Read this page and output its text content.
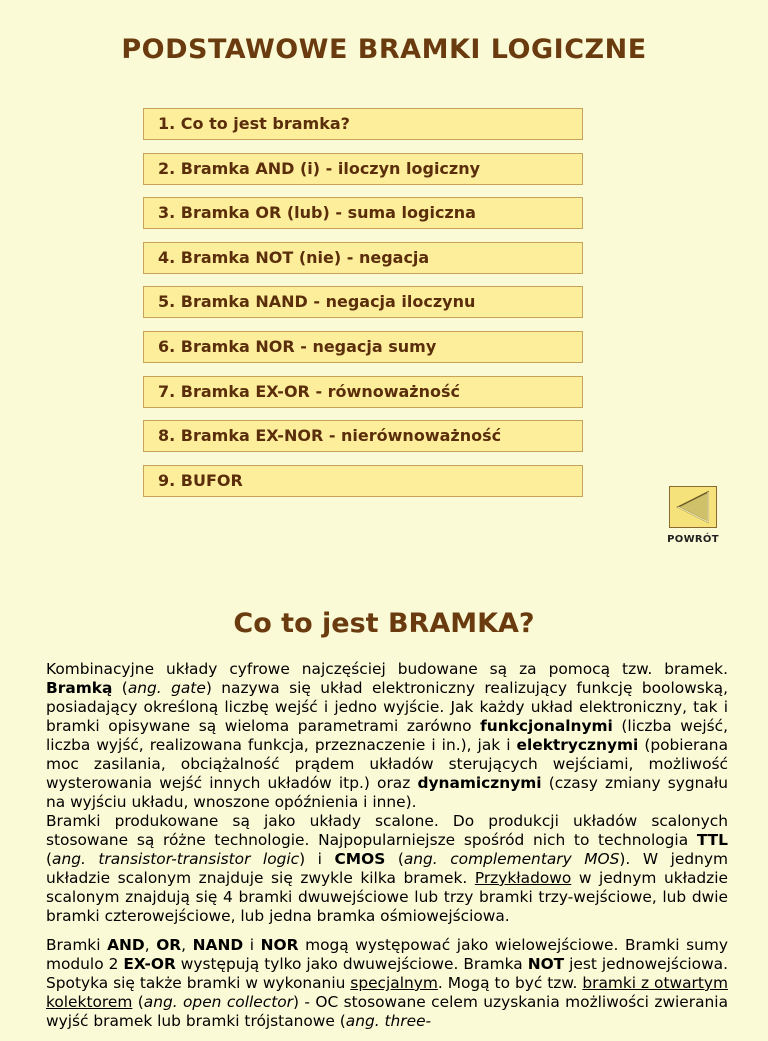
PODSTAWOWE BRAMKI LOGICZNE
1. Co to jest bramka?
2. Bramka AND (i) - iloczyn logiczny
3. Bramka OR (lub) - suma logiczna
4. Bramka NOT (nie) - negacja
5. Bramka NAND - negacja iloczynu
6. Bramka NOR - negacja sumy
7. Bramka EX-OR - równoważność
8. Bramka EX-NOR - nierównoważność
9. BUFOR
POWRÓT
Co to jest BRAMKA?

Kombinacyjne układy cyfrowe najczęściej budowane są za pomocą tzw. bramek. Bramką (ang. gate) nazywa się układ elektroniczny realizujący funkcję boolowską, posiadający określoną liczbę wejść i jedno wyjście. Jak każdy układ elektroniczny, tak i bramki opisywane są wieloma parametrami zarówno funkcjonalnymi (liczba wejść, liczba wyjść, realizowana funkcja, przeznaczenie i in.), jak i elektrycznymi (pobierana moc zasilania, obciążalność prądem układów sterujących wejściami, możliwość wysterowania wejść innych układów itp.) oraz dynamicznymi (czasy zmiany sygnału na wyjściu układu, wnoszone opóźnienia i inne).
Bramki produkowane są jako układy scalone. Do produkcji układów scalonych stosowane są różne technologie. Najpopularniejsze spośród nich to technologia TTL (ang. transistor-transistor logic) i CMOS (ang. complementary MOS). W jednym układzie scalonym znajduje się zwykle kilka bramek. Przykładowo w jednym układzie scalonym znajdują się 4 bramki dwuwejściowe lub trzy bramki trzy-wejściowe, lub dwie bramki czterowejściowe, lub jedna bramka ośmiowejściowa.

Bramki AND, OR, NAND i NOR mogą występować jako wielowejściowe. Bramki sumy modulo 2 EX-OR występują tylko jako dwuwejściowe. Bramka NOT jest jednowejściowa. Spotyka się także bramki w wykonaniu specjalnym. Mogą to być tzw. bramki z otwartym kolektorem (ang. open collector) - OC stosowane celem uzyskania możliwości zwierania wyjść bramek lub bramki trójstanowe (ang. three-
